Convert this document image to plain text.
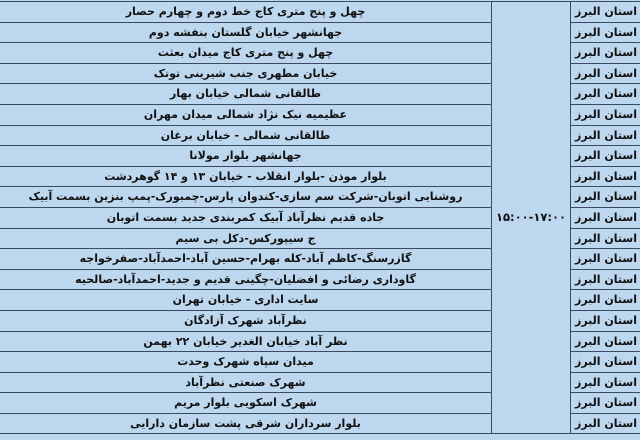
استان البرز	۱۵:۰۰-۱۷:۰۰	چهل و پنج متری کاج خط دوم و چهارم حصار
استان البرز		جهانشهر خیابان گلستان بنفشه دوم
استان البرز		چهل و پنج متری کاج میدان بعثت
استان البرز		خیابان مطهری جنب شیرینی توتک
استان البرز		طالقانی شمالی خیابان بهار
استان البرز		عظیمیه نیک نژاد شمالی میدان مهران
استان البرز		طالقانی شمالی - خیابان برغان
استان البرز		جهانشهر بلوار مولانا
استان البرز		بلوار موذن -بلوار انقلاب - خیابان ۱۳ و ۱۴ گوهردشت
استان البرز		روشنایی اتوبان-شرکت سم سازی-کندوان پارس-چمبورک-پمپ بنزین بسمت آبیک
استان البرز		جاده قدیم نظرآباد آبیک کمربندی جدید بسمت اتوبان
استان البرز		ج سیپورکس-دکل بی سیم
استان البرز		گازرسنگ-کاظم آباد-کله بهرام-حسین آباد-احمدآباد-صفرخواجه
استان البرز		گاوداری رضائی و افضلیان-چگینی قدیم و جدید-احمدآباد-صالحیه
استان البرز		سایت اداری - خیابان تهران
استان البرز		نظرآباد شهرک آزادگان
استان البرز		نظر آباد خیابان الغدیر خیابان ۲۲ بهمن
استان البرز		میدان سپاه شهرک وحدت
استان البرز		شهرک صنعتی نظرآباد
استان البرز		شهرک اسکویی بلوار مریم
استان البرز		بلوار سرداران شرقی پشت سازمان دارایی
